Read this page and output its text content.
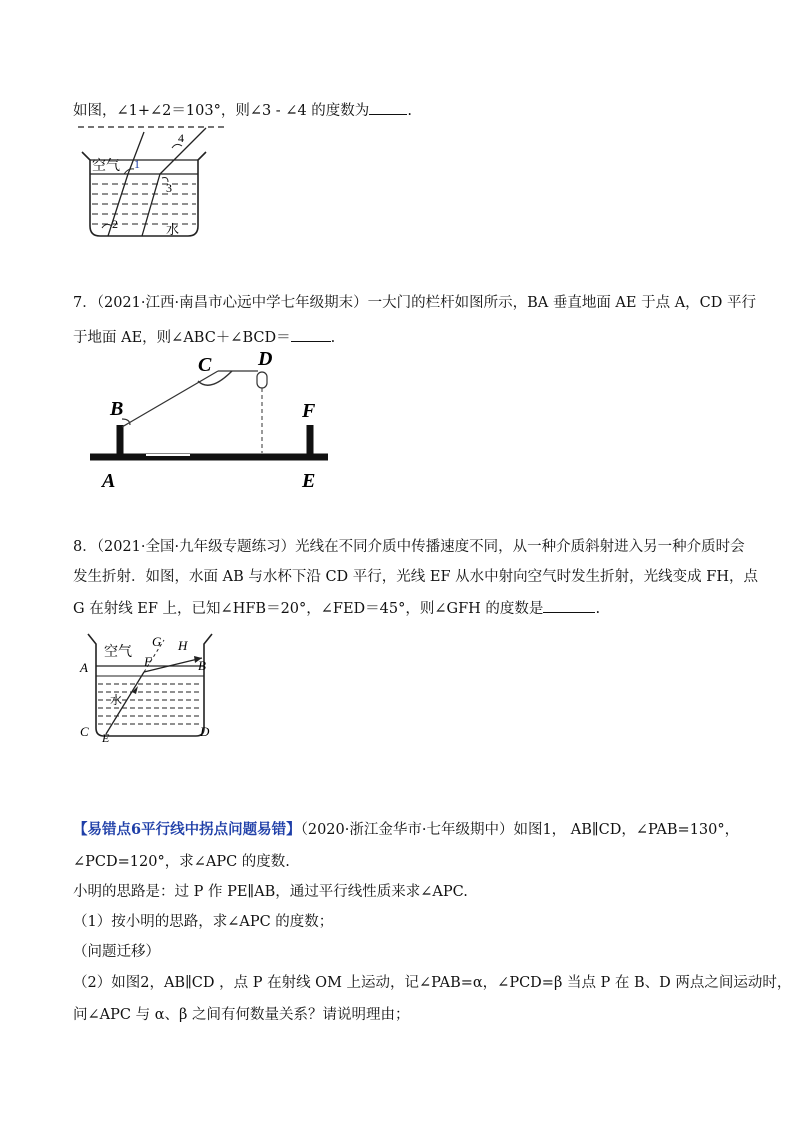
如图，∠1+∠2＝103°，则∠3 - ∠4 的度数为	.
空气 1
3
4
2	水
7．（2021·江西·南昌市心远中学七年级期末）一大门的栏杆如图所示，BA 垂直地面 AE 于点 A，CD 平行
于地面 AE，则∠ABC＋∠BCD＝	.
C D
B	F
A	E
8．（2021·全国·九年级专题练习）光线在不同介质中传播速度不同，从一种介质斜射进入另一种介质时会
发生折射．如图，水面 AB 与水杯下沿 CD 平行，光线 EF 从水中射向空气时发生折射，光线变成 FH，点
G 在射线 EF 上，已知∠HFB＝20°，∠FED＝45°，则∠GFH 的度数是	.
空气
水
G H
F
A	B
C	D
E
【易错点6平行线中拐点问题易错】（2020·浙江金华市·七年级期中）如图1， AB∥CD，∠PAB=130°，
∠PCD=120°，求∠APC 的度数.
小明的思路是：过 P 作 PE∥AB，通过平行线性质来求∠APC.
（1）按小明的思路，求∠APC 的度数；
（问题迁移）
（2）如图2，AB∥CD ，点 P 在射线 OM 上运动，记∠PAB=α，∠PCD=β 当点 P 在 B、D 两点之间运动时，
问∠APC 与 α、β 之间有何数量关系？请说明理由；
